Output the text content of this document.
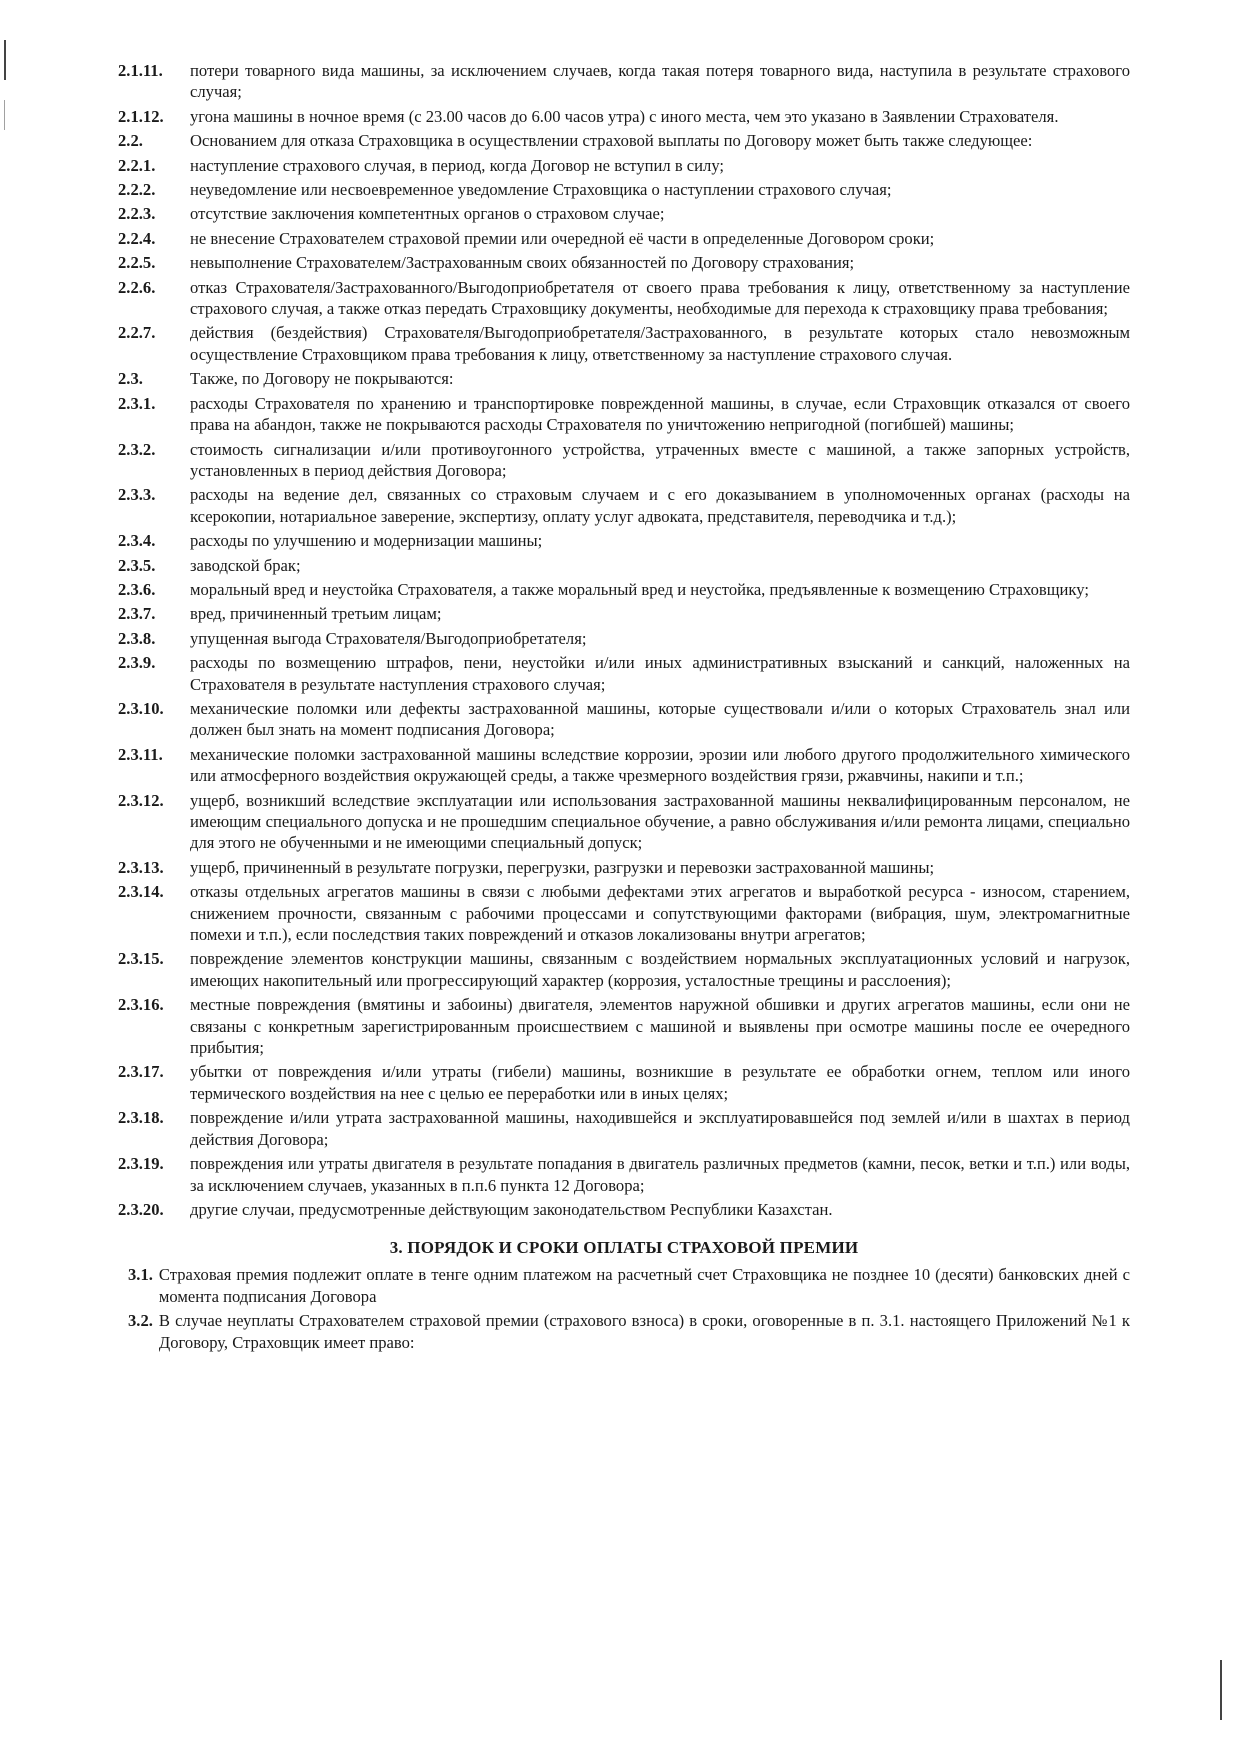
2.1.11.	потери товарного вида машины, за исключением случаев, когда такая потеря товарного вида, наступила в результате страхового случая;
2.1.12.	угона машины в ночное время (с 23.00 часов до 6.00 часов утра) с иного места, чем это указано в Заявлении Страхователя.
2.2.	Основанием для отказа Страховщика в осуществлении страховой выплаты по Договору может быть также следующее:
2.2.1.	наступление страхового случая, в период, когда Договор не вступил в силу;
2.2.2.	неуведомление или несвоевременное уведомление Страховщика о наступлении страхового случая;
2.2.3.	отсутствие заключения компетентных органов о страховом случае;
2.2.4.	не внесение Страхователем страховой премии или очередной её части в определенные Договором сроки;
2.2.5.	невыполнение Страхователем/Застрахованным своих обязанностей по Договору страхования;
2.2.6.	отказ Страхователя/Застрахованного/Выгодоприобретателя от своего права требования к лицу, ответственному за наступление страхового случая, а также отказ передать Страховщику документы, необходимые для перехода к страховщику права требования;
2.2.7.	действия (бездействия) Страхователя/Выгодоприобретателя/Застрахованного, в результате которых стало невозможным осуществление Страховщиком права требования к лицу, ответственному за наступление страхового случая.
2.3.	Также, по Договору не покрываются:
2.3.1.	расходы Страхователя по хранению и транспортировке поврежденной машины, в случае, если Страховщик отказался от своего права на абандон, также не покрываются расходы Страхователя по уничтожению непригодной (погибшей) машины;
2.3.2.	стоимость сигнализации и/или противоугонного устройства, утраченных вместе с машиной, а также запорных устройств, установленных в период действия Договора;
2.3.3.	расходы на ведение дел, связанных со страховым случаем и с его доказыванием в уполномоченных органах (расходы на ксерокопии, нотариальное заверение, экспертизу, оплату услуг адвоката, представителя, переводчика и т.д.);
2.3.4.	расходы по улучшению и модернизации машины;
2.3.5.	заводской брак;
2.3.6.	моральный вред и неустойка Страхователя, а также моральный вред и неустойка, предъявленные к возмещению Страховщику;
2.3.7.	вред, причиненный третьим лицам;
2.3.8.	упущенная выгода Страхователя/Выгодоприобретателя;
2.3.9.	расходы по возмещению штрафов, пени, неустойки и/или иных административных взысканий и санкций, наложенных на Страхователя в результате наступления страхового случая;
2.3.10.	механические поломки или дефекты застрахованной машины, которые существовали и/или о которых Страхователь знал или должен был знать на момент подписания Договора;
2.3.11.	механические поломки застрахованной машины вследствие коррозии, эрозии или любого другого продолжительного химического или атмосферного воздействия окружающей среды, а также чрезмерного воздействия грязи, ржавчины, накипи и т.п.;
2.3.12.	ущерб, возникший вследствие эксплуатации или использования застрахованной машины неквалифицированным персоналом, не имеющим специального допуска и не прошедшим специальное обучение, а равно обслуживания и/или ремонта лицами, специально для этого не обученными и не имеющими специальный допуск;
2.3.13.	ущерб, причиненный в результате погрузки, перегрузки, разгрузки и перевозки застрахованной машины;
2.3.14.	отказы отдельных агрегатов машины в связи с любыми дефектами этих агрегатов и выработкой ресурса - износом, старением, снижением прочности, связанным с рабочими процессами и сопутствующими факторами (вибрация, шум, электромагнитные помехи и т.п.), если последствия таких повреждений и отказов локализованы внутри агрегатов;
2.3.15.	повреждение элементов конструкции машины, связанным с воздействием нормальных эксплуатационных условий и нагрузок, имеющих накопительный или прогрессирующий характер (коррозия, усталостные трещины и расслоения);
2.3.16.	местные повреждения (вмятины и забоины) двигателя, элементов наружной обшивки и других агрегатов машины, если они не связаны с конкретным зарегистрированным происшествием с машиной и выявлены при осмотре машины после ее очередного прибытия;
2.3.17.	убытки от повреждения и/или утраты (гибели) машины, возникшие в результате ее обработки огнем, теплом или иного термического воздействия на нее с целью ее переработки или в иных целях;
2.3.18.	повреждение и/или утрата застрахованной машины, находившейся и эксплуатировавшейся под землей и/или в шахтах в период действия Договора;
2.3.19.	повреждения или утраты двигателя в результате попадания в двигатель различных предметов (камни, песок, ветки и т.п.) или воды, за исключением случаев, указанных в п.п.6 пункта 12 Договора;
2.3.20.	другие случаи, предусмотренные действующим законодательством Республики Казахстан.
3. ПОРЯДОК И СРОКИ ОПЛАТЫ СТРАХОВОЙ ПРЕМИИ
3.1. Страховая премия подлежит оплате в тенге одним платежом на расчетный счет Страховщика не позднее 10 (десяти) банковских дней с момента подписания Договора
3.2. В случае неуплаты Страхователем страховой премии (страхового взноса) в сроки, оговоренные в п. 3.1. настоящего Приложений №1 к Договору, Страховщик имеет право:
